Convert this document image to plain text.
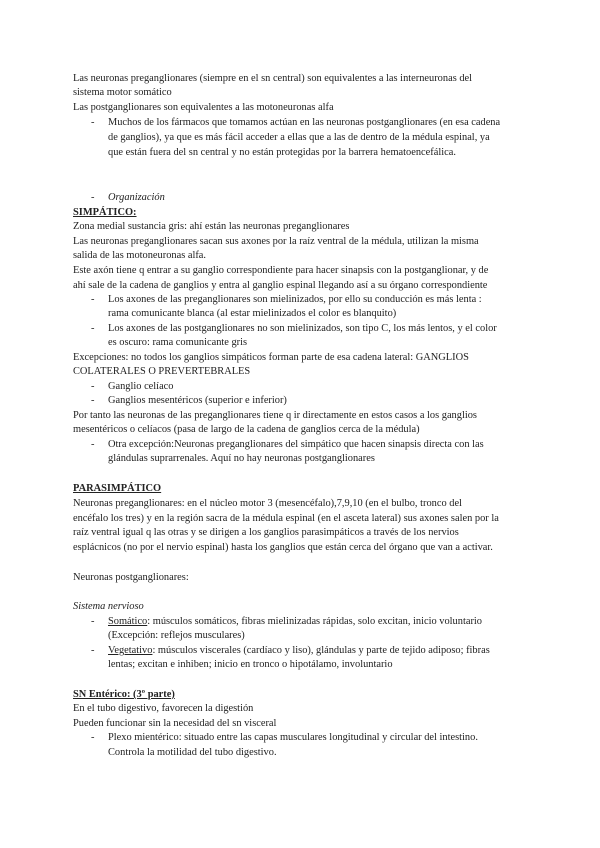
Las neuronas preganglionares (siempre en el sn central) son equivalentes a las interneuronas del

sistema motor somático

Las postganglionares son equivalentes a las motoneuronas alfa

- Muchos de los fármacos que tomamos actúan en las neuronas postganglionares (en esa cadena

de ganglios), ya que es más fácil acceder a ellas que a las de dentro de la médula espinal, ya

que están fuera del sn central y no están protegidas por la barrera hematoencefálica.

- Organización

SIMPÁTICO:

Zona medial sustancia gris: ahí están las neuronas preganglionares

Las neuronas preganglionares sacan sus axones por la raíz ventral de la médula, utilizan la misma

salida de las motoneuronas alfa.

Este axón tiene q entrar a su ganglio correspondiente para hacer sinapsis con la postganglionar, y de

ahí sale de la cadena de ganglios y entra al ganglio espinal llegando así a su órgano correspondiente

- Los axones de las preganglionares son mielinizados, por ello su conducción es más lenta :

rama comunicante blanca (al estar mielinizados el color es blanquito)

- Los axones de las postganglionares no son mielinizados, son tipo C, los más lentos, y el color

es oscuro: rama comunicante gris

Excepciones: no todos los ganglios simpáticos forman parte de esa cadena lateral: GANGLIOS

COLATERALES O PREVERTEBRALES

- Ganglio celíaco

- Ganglios mesentéricos (superior e inferior)

Por tanto las neuronas de las preganglionares tiene q ir directamente en estos casos a los ganglios

mesentéricos o celíacos (pasa de largo de la cadena de ganglios cerca de la médula)

- Otra excepción:Neuronas preganglionares del simpático que hacen sinapsis directa con las

glándulas suprarrenales. Aquí no hay neuronas postganglionares

PARASIMPÁTICO

Neuronas preganglionares: en el núcleo motor 3 (mesencéfalo),7,9,10 (en el bulbo, tronco del

encéfalo los tres) y en la región sacra de la médula espinal (en el asceta lateral) sus axones salen por la

raíz ventral igual q las otras y se dirigen a los ganglios parasimpáticos a través de los nervios

esplácnicos (no por el nervio espinal) hasta los ganglios que están cerca del órgano que van a activar.

Neuronas postganglionares:

Sistema nervioso

- Somático: músculos somáticos, fibras mielinizadas rápidas, solo excitan, inicio voluntario

(Excepción: reflejos musculares)

- Vegetativo: músculos viscerales (cardíaco y liso), glándulas y parte de tejido adiposo; fibras

lentas; excitan e inhiben; inicio en tronco o hipotálamo, involuntario

SN Entérico: (3º parte)

En el tubo digestivo, favorecen la digestión

Pueden funcionar sin la necesidad del sn visceral

- Plexo mientérico: situado entre las capas musculares longitudinal y circular del intestino.

Controla la motilidad del tubo digestivo.
